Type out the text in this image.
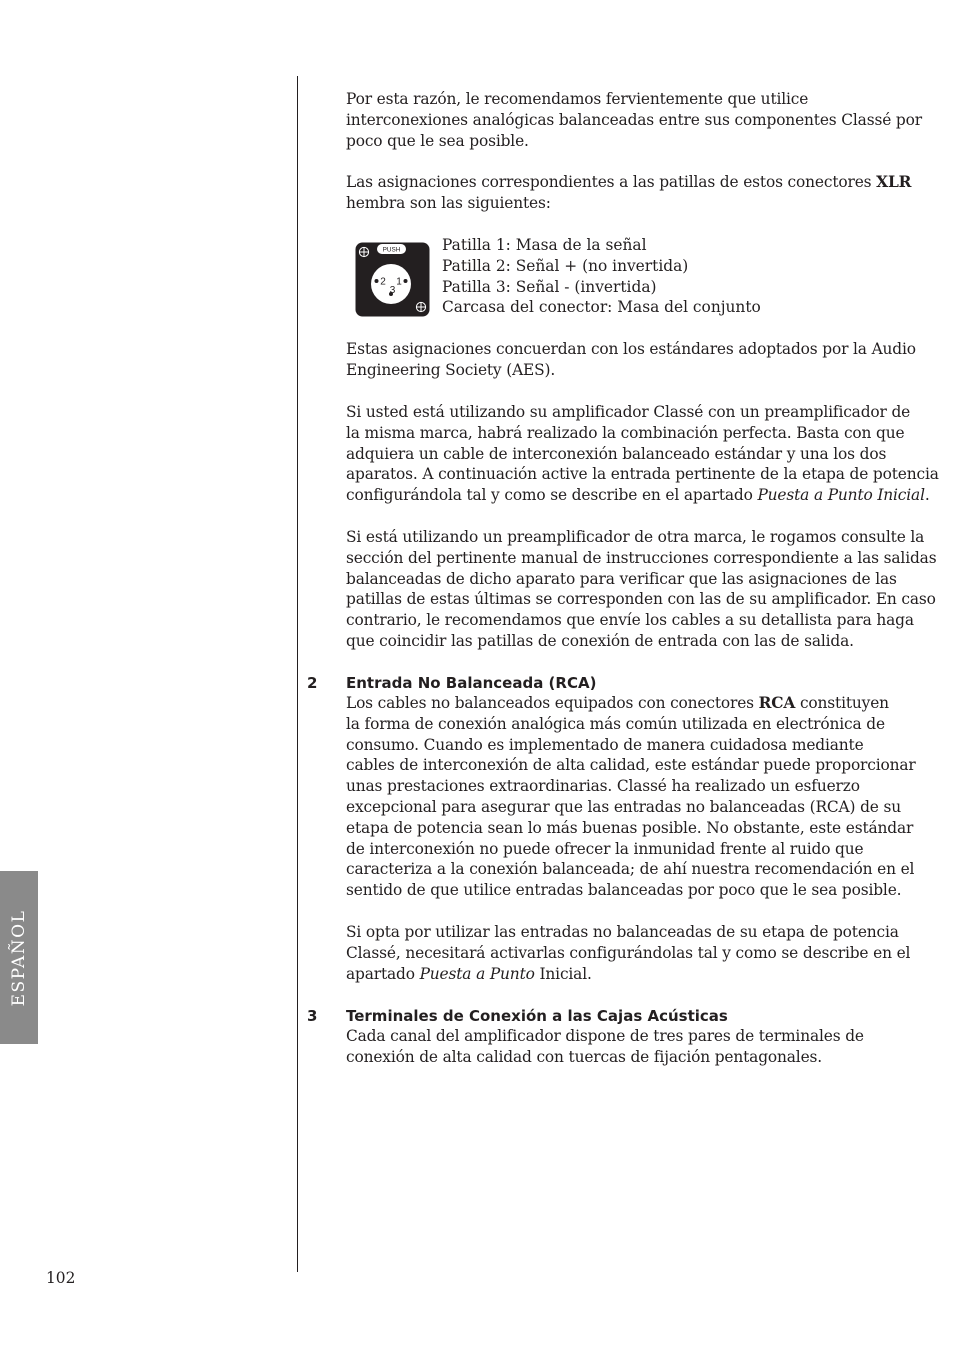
Por esta razón, le recomendamos fervientemente que utilice
interconexiones analógicas balanceadas entre sus componentes Classé por
poco que le sea posible.
Las asignaciones correspondientes a las patillas de estos conectores XLR
hembra son las siguientes:
PUSH
2 1
3
Patilla 1: Masa de la señal
Patilla 2: Señal + (no invertida)
Patilla 3: Señal - (invertida)
Carcasa del conector: Masa del conjunto
Estas asignaciones concuerdan con los estándares adoptados por la Audio
Engineering Society (AES).
Si usted está utilizando su amplificador Classé con un preamplificador de
la misma marca, habrá realizado la combinación perfecta. Basta con que
adquiera un cable de interconexión balanceado estándar y una los dos
aparatos. A continuación active la entrada pertinente de la etapa de potencia
configurándola tal y como se describe en el apartado Puesta a Punto Inicial.
Si está utilizando un preamplificador de otra marca, le rogamos consulte la
sección del pertinente manual de instrucciones correspondiente a las salidas
balanceadas de dicho aparato para verificar que las asignaciones de las
patillas de estas últimas se corresponden con las de su amplificador. En caso
contrario, le recomendamos que envíe los cables a su detallista para haga
que coincidir las patillas de conexión de entrada con las de salida.
2 Entrada No Balanceada (RCA)
Los cables no balanceados equipados con conectores RCA constituyen
la forma de conexión analógica más común utilizada en electrónica de
consumo. Cuando es implementado de manera cuidadosa mediante
cables de interconexión de alta calidad, este estándar puede proporcionar
unas prestaciones extraordinarias. Classé ha realizado un esfuerzo
excepcional para asegurar que las entradas no balanceadas (RCA) de su
etapa de potencia sean lo más buenas posible. No obstante, este estándar
de interconexión no puede ofrecer la inmunidad frente al ruido que
caracteriza a la conexión balanceada; de ahí nuestra recomendación en el
sentido de que utilice entradas balanceadas por poco que le sea posible.
Si opta por utilizar las entradas no balanceadas de su etapa de potencia
Classé, necesitará activarlas configurándolas tal y como se describe en el
apartado Puesta a Punto Inicial.
3 Terminales de Conexión a las Cajas Acústicas
Cada canal del amplificador dispone de tres pares de terminales de
conexión de alta calidad con tuercas de fijación pentagonales.
ESPAÑOL
102
